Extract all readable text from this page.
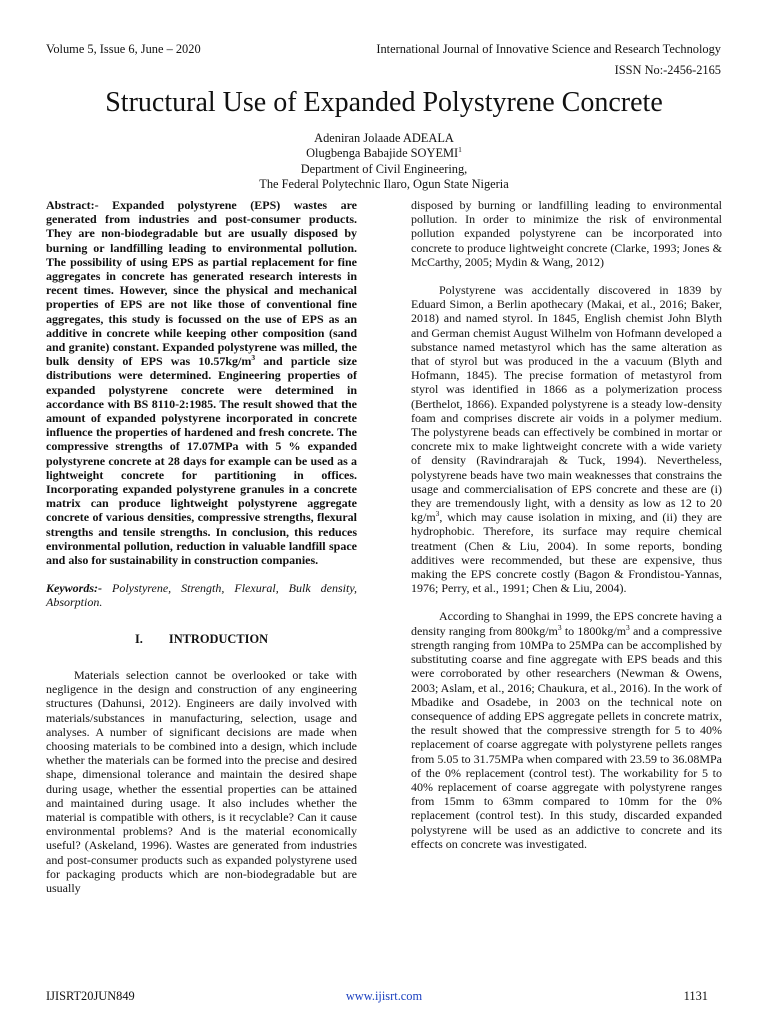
Volume 5, Issue 6, June – 2020	International Journal of Innovative Science and Research Technology
ISSN No:-2456-2165
Structural Use of Expanded Polystyrene Concrete
Adeniran Jolaade ADEALA
Olugbenga Babajide SOYEMI$^1$
Department of Civil Engineering,
The Federal Polytechnic Ilaro, Ogun State Nigeria

Abstract:- Expanded polystyrene (EPS) wastes are generated from industries and post-consumer products. They are non-biodegradable but are usually disposed by burning or landfilling leading to environmental pollution. The possibility of using EPS as partial replacement for fine aggregates in concrete has generated research interests in recent times. However, since the physical and mechanical properties of EPS are not like those of conventional fine aggregates, this study is focussed on the use of EPS as an additive in concrete while keeping other composition (sand and granite) constant. Expanded polystyrene was milled, the bulk density of EPS was $10.57kg/m^3$ and particle size distributions were determined. Engineering properties of expanded polystyrene concrete were determined in accordance with BS 8110-2:1985. The result showed that the amount of expanded polystyrene incorporated in concrete influence the properties of hardened and fresh concrete. The compressive strengths of 17.07MPa with 5 % expanded polystyrene concrete at 28 days for example can be used as a lightweight concrete for partitioning in offices. Incorporating expanded polystyrene granules in a concrete matrix can produce lightweight polystyrene aggregate concrete of various densities, compressive strengths, flexural strengths and tensile strengths. In conclusion, this reduces environmental pollution, reduction in valuable landfill space and also for sustainability in construction companies.

Keywords:- Polystyrene, Strength, Flexural, Bulk density, Absorption.

I. INTRODUCTION

Materials selection cannot be overlooked or take with negligence in the design and construction of any engineering structures (Dahunsi, 2012). Engineers are daily involved with materials/substances in manufacturing, selection, usage and analyses. A number of significant decisions are made when choosing materials to be combined into a design, which include whether the materials can be formed into the precise and desired shape, dimensional tolerance and maintain the desired shape during usage, whether the essential properties can be attained and maintained during usage. It also includes whether the material is compatible with others, is it recyclable? Can it cause environmental problems? And is the material economically useful? (Askeland, 1996). Wastes are generated from industries and post-consumer products such as expanded polystyrene used for packaging products which are non-biodegradable but are usually

disposed by burning or landfilling leading to environmental pollution. In order to minimize the risk of environmental pollution expanded polystyrene can be incorporated into concrete to produce lightweight concrete (Clarke, 1993; Jones & McCarthy, 2005; Mydin & Wang, 2012)

Polystyrene was accidentally discovered in 1839 by Eduard Simon, a Berlin apothecary (Makai, et al., 2016; Baker, 2018) and named styrol. In 1845, English chemist John Blyth and German chemist August Wilhelm von Hofmann developed a substance named metastyrol which has the same alteration as that of styrol but was produced in the a vacuum (Blyth and Hofmann, 1845). The precise formation of metastyrol from styrol was identified in 1866 as a polymerization process (Berthelot, 1866). Expanded polystyrene is a steady low-density foam and comprises discrete air voids in a polymer medium. The polystyrene beads can effectively be combined in mortar or concrete mix to make lightweight concrete with a wide variety of density (Ravindrarajah & Tuck, 1994). Nevertheless, polystyrene beads have two main weaknesses that constrains the usage and commercialisation of EPS concrete and these are (i) they are tremendously light, with a density as low as 12 to 20 $kg/m^3$, which may cause isolation in mixing, and (ii) they are hydrophobic. Therefore, its surface may require chemical treatment (Chen & Liu, 2004). In some reports, bonding additives were recommended, but these are expensive, thus making the EPS concrete costly (Bagon & Frondistou-Yannas, 1976; Perry, et al., 1991; Chen & Liu, 2004).

According to Shanghai in 1999, the EPS concrete having a density ranging from $800kg/m^3$ to $1800kg/m^3$ and a compressive strength ranging from 10MPa to 25MPa can be accomplished by substituting coarse and fine aggregate with EPS beads and this were corroborated by other researchers (Newman & Owens, 2003; Aslam, et al., 2016; Chaukura, et al., 2016). In the work of Mbadike and Osadebe, in 2003 on the technical note on consequence of adding EPS aggregate pellets in concrete matrix, the result showed that the compressive strength for 5 to 40% replacement of coarse aggregate with polystyrene pellets ranges from 5.05 to 31.75MPa when compared with 23.59 to 36.08MPa of the 0% replacement (control test). The workability for 5 to 40% replacement of coarse aggregate with polystyrene ranges from 15mm to 63mm compared to 10mm for the 0% replacement (control test). In this study, discarded expanded polystyrene will be used as an addictive to concrete and its effects on concrete was investigated.

IJISRT20JUN849	www.ijisrt.com	1131
